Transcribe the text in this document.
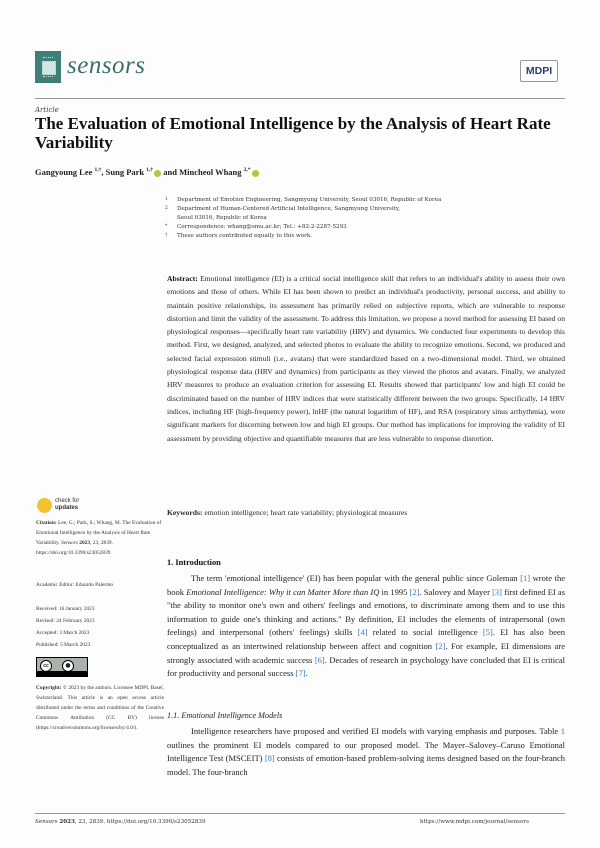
sensors	MDPI
Article
The Evaluation of Emotional Intelligence by the Analysis of Heart Rate Variability
Gangyoung Lee $^{1,\dagger}$, Sung Park $^{1,\dagger}$ and Mincheol Whang $^{2,*}$
1 Department of Emotion Engineering, Sangmyung University, Seoul 03016, Republic of Korea
2 Department of Human-Centered Artificial Intelligence, Sangmyung University,
Seoul 03016, Republic of Korea
* Correspondence: whang@smu.ac.kr; Tel.: +82-2-2287-5293
† These authors contributed equally to this work.
Abstract: Emotional intelligence (EI) is a critical social intelligence skill that refers to an individual's ability to assess their own emotions and those of others. While EI has been shown to predict an individual's productivity, personal success, and ability to maintain positive relationships, its assessment has primarily relied on subjective reports, which are vulnerable to response distortion and limit the validity of the assessment. To address this limitation, we propose a novel method for assessing EI based on physiological responses—specifically heart rate variability (HRV) and dynamics. We conducted four experiments to develop this method. First, we designed, analyzed, and selected photos to evaluate the ability to recognize emotions. Second, we produced and selected facial expression stimuli (i.e., avatars) that were standardized based on a two-dimensional model. Third, we obtained physiological response data (HRV and dynamics) from participants as they viewed the photos and avatars. Finally, we analyzed HRV measures to produce an evaluation criterion for assessing EI. Results showed that participants' low and high EI could be discriminated based on the number of HRV indices that were statistically different between the two groups. Specifically, 14 HRV indices, including HF (high-frequency power), lnHF (the natural logarithm of HF), and RSA (respiratory sinus arrhythmia), were significant markers for discerning between low and high EI groups. Our method has implications for improving the validity of EI assessment by providing objective and quantifiable measures that are less vulnerable to response distortion.
Keywords: emotion intelligence; heart rate variability; physiological measures
check for
updates
Citation: Lee, G.; Park, S.; Whang, M. The Evaluation of Emotional Intelligence by the Analysis of Heart Rate Variability. Sensors 2023, 23, 2839. https://doi.org/10.3390/s23052839
Academic Editor: Eduardo Palermo
Received: 16 January 2023
Revised: 24 February 2023
Accepted: 3 March 2023
Published: 5 March 2023
cc	●
Copyright: © 2023 by the authors. Licensee MDPI, Basel, Switzerland. This article is an open access article distributed under the terms and conditions of the Creative Commons Attribution (CC BY) license (https://creativecommons.org/licenses/by/4.0/).
1. Introduction
The term 'emotional intelligence' (EI) has been popular with the general public since Goleman [1] wrote the book Emotional Intelligence: Why it can Matter More than IQ in 1995 [2]. Salovey and Mayer [3] first defined EI as "the ability to monitor one's own and others' feelings and emotions, to discriminate among them and to use this information to guide one's thinking and actions." By definition, EI includes the elements of intrapersonal (own feelings) and interpersonal (others' feelings) skills [4] related to social intelligence [5]. EI has also been conceptualized as an intertwined relationship between affect and cognition [2]. For example, EI dimensions are strongly associated with academic success [6]. Decades of research in psychology have concluded that EI is critical for productivity and personal success [7].
1.1. Emotional Intelligence Models
Intelligence researchers have proposed and verified EI models with varying emphasis and purposes. Table 1 outlines the prominent EI models compared to our proposed model. The Mayer–Salovey–Caruso Emotional Intelligence Test (MSCEIT) [8] consists of emotion-based problem-solving items designed based on the four-branch model. The four-branch
Sensors 2023, 23, 2839. https://doi.org/10.3390/s23052839	https://www.mdpi.com/journal/sensors
